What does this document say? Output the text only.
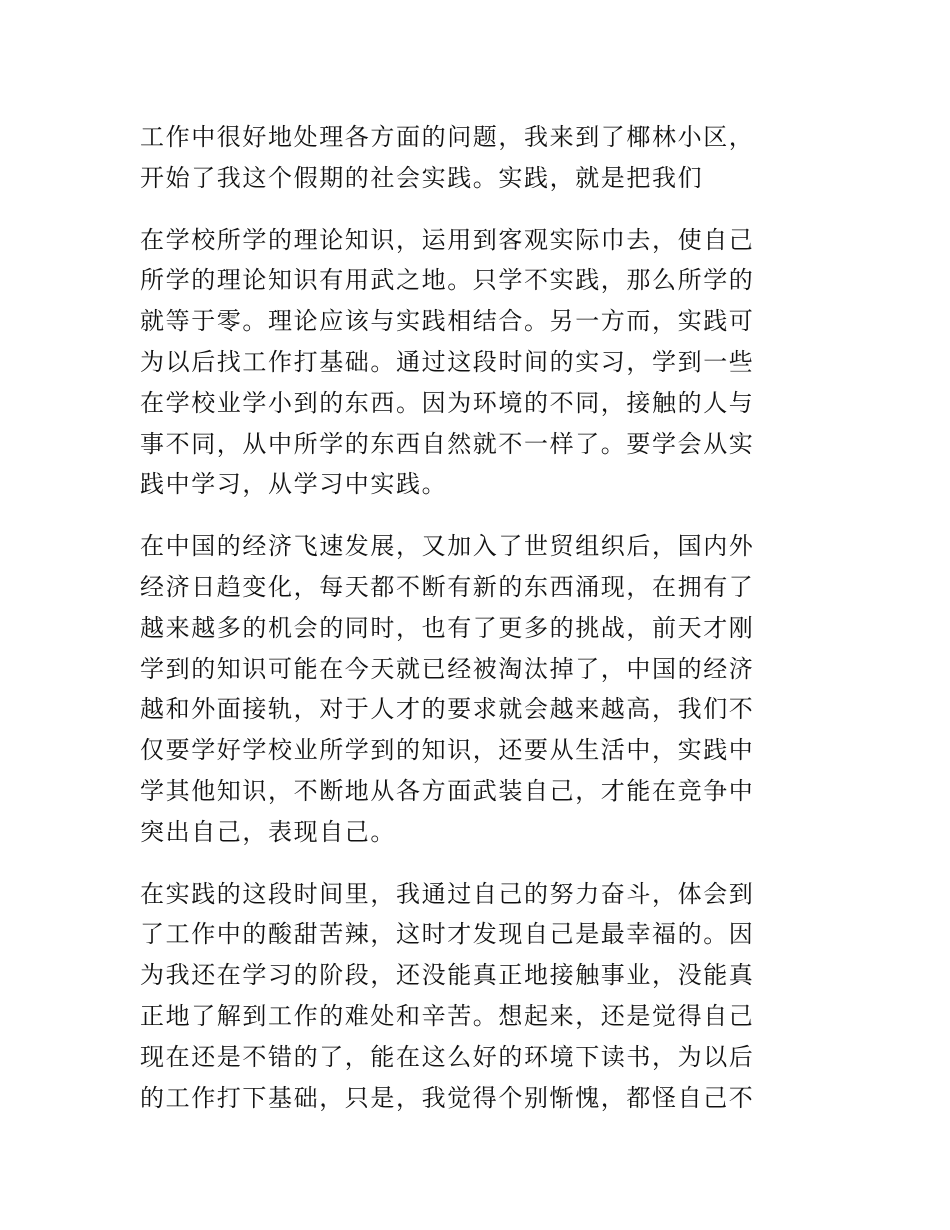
工作中很好地处理各方面的问题，我来到了椰林小区，
开始了我这个假期的社会实践。实践，就是把我们

在学校所学的理论知识，运用到客观实际巾去，使自己
所学的理论知识有用武之地。只学不实践，那么所学的
就等于零。理论应该与实践相结合。另一方而，实践可
为以后找工作打基础。通过这段时间的实习，学到一些
在学校业学小到的东西。因为环境的不同，接触的人与
事不同，从中所学的东西自然就不一样了。要学会从实
践中学习，从学习中实践。

在中国的经济飞速发展，又加入了世贸组织后，国内外
经济日趋变化，每天都不断有新的东西涌现，在拥有了
越来越多的机会的同时，也有了更多的挑战，前天才刚
学到的知识可能在今天就已经被淘汰掉了，中国的经济
越和外面接轨，对于人才的要求就会越来越高，我们不
仅要学好学校业所学到的知识，还要从生活中，实践中
学其他知识，不断地从各方面武装自己，才能在竞争中
突出自己，表现自己。

在实践的这段时间里，我通过自己的努力奋斗，体会到
了工作中的酸甜苦辣，这时才发现自己是最幸福的。因
为我还在学习的阶段，还没能真正地接触事业，没能真
正地了解到工作的难处和辛苦。想起来，还是觉得自己
现在还是不错的了，能在这么好的环境下读书，为以后
的工作打下基础，只是，我觉得个别惭愧，都怪自己不
